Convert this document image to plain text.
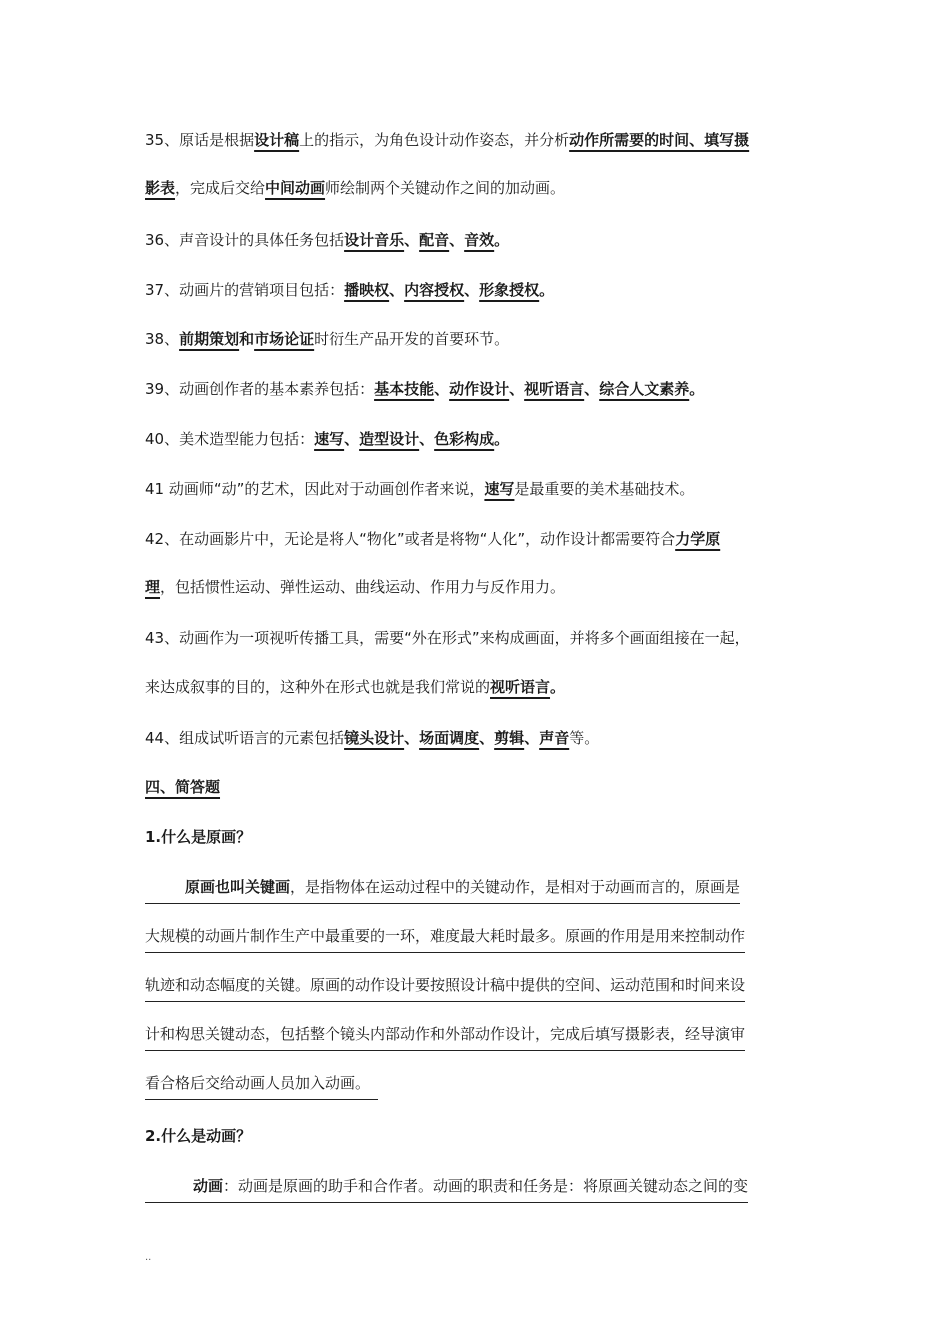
35、原话是根据设计稿上的指示，为角色设计动作姿态，并分析动作所需要的时间、填写摄
影表，完成后交给中间动画师绘制两个关键动作之间的加动画。
36、声音设计的具体任务包括设计音乐、配音、音效。
37、动画片的营销项目包括：播映权、内容授权、形象授权。
38、前期策划和市场论证时衍生产品开发的首要环节。
39、动画创作者的基本素养包括：基本技能、动作设计、视听语言、综合人文素养。
40、美术造型能力包括：速写、造型设计、色彩构成。
41 动画师“动”的艺术，因此对于动画创作者来说，速写是最重要的美术基础技术。
42、在动画影片中，无论是将人“物化”或者是将物“人化”，动作设计都需要符合力学原
理，包括惯性运动、弹性运动、曲线运动、作用力与反作用力。
43、动画作为一项视听传播工具，需要“外在形式”来构成画面，并将多个画面组接在一起，
来达成叙事的目的，这种外在形式也就是我们常说的视听语言。
44、组成试听语言的元素包括镜头设计、场面调度、剪辑、声音等。
四、简答题
1.什么是原画？
原画也叫关键画，是指物体在运动过程中的关键动作，是相对于动画而言的，原画是
大规模的动画片制作生产中最重要的一环，难度最大耗时最多。原画的作用是用来控制动作
轨迹和动态幅度的关键。原画的动作设计要按照设计稿中提供的空间、运动范围和时间来设
计和构思关键动态，包括整个镜头内部动作和外部动作设计，完成后填写摄影表，经导演审
看合格后交给动画人员加入动画。
2.什么是动画？
动画：动画是原画的助手和合作者。动画的职责和任务是：将原画关键动态之间的变
..
